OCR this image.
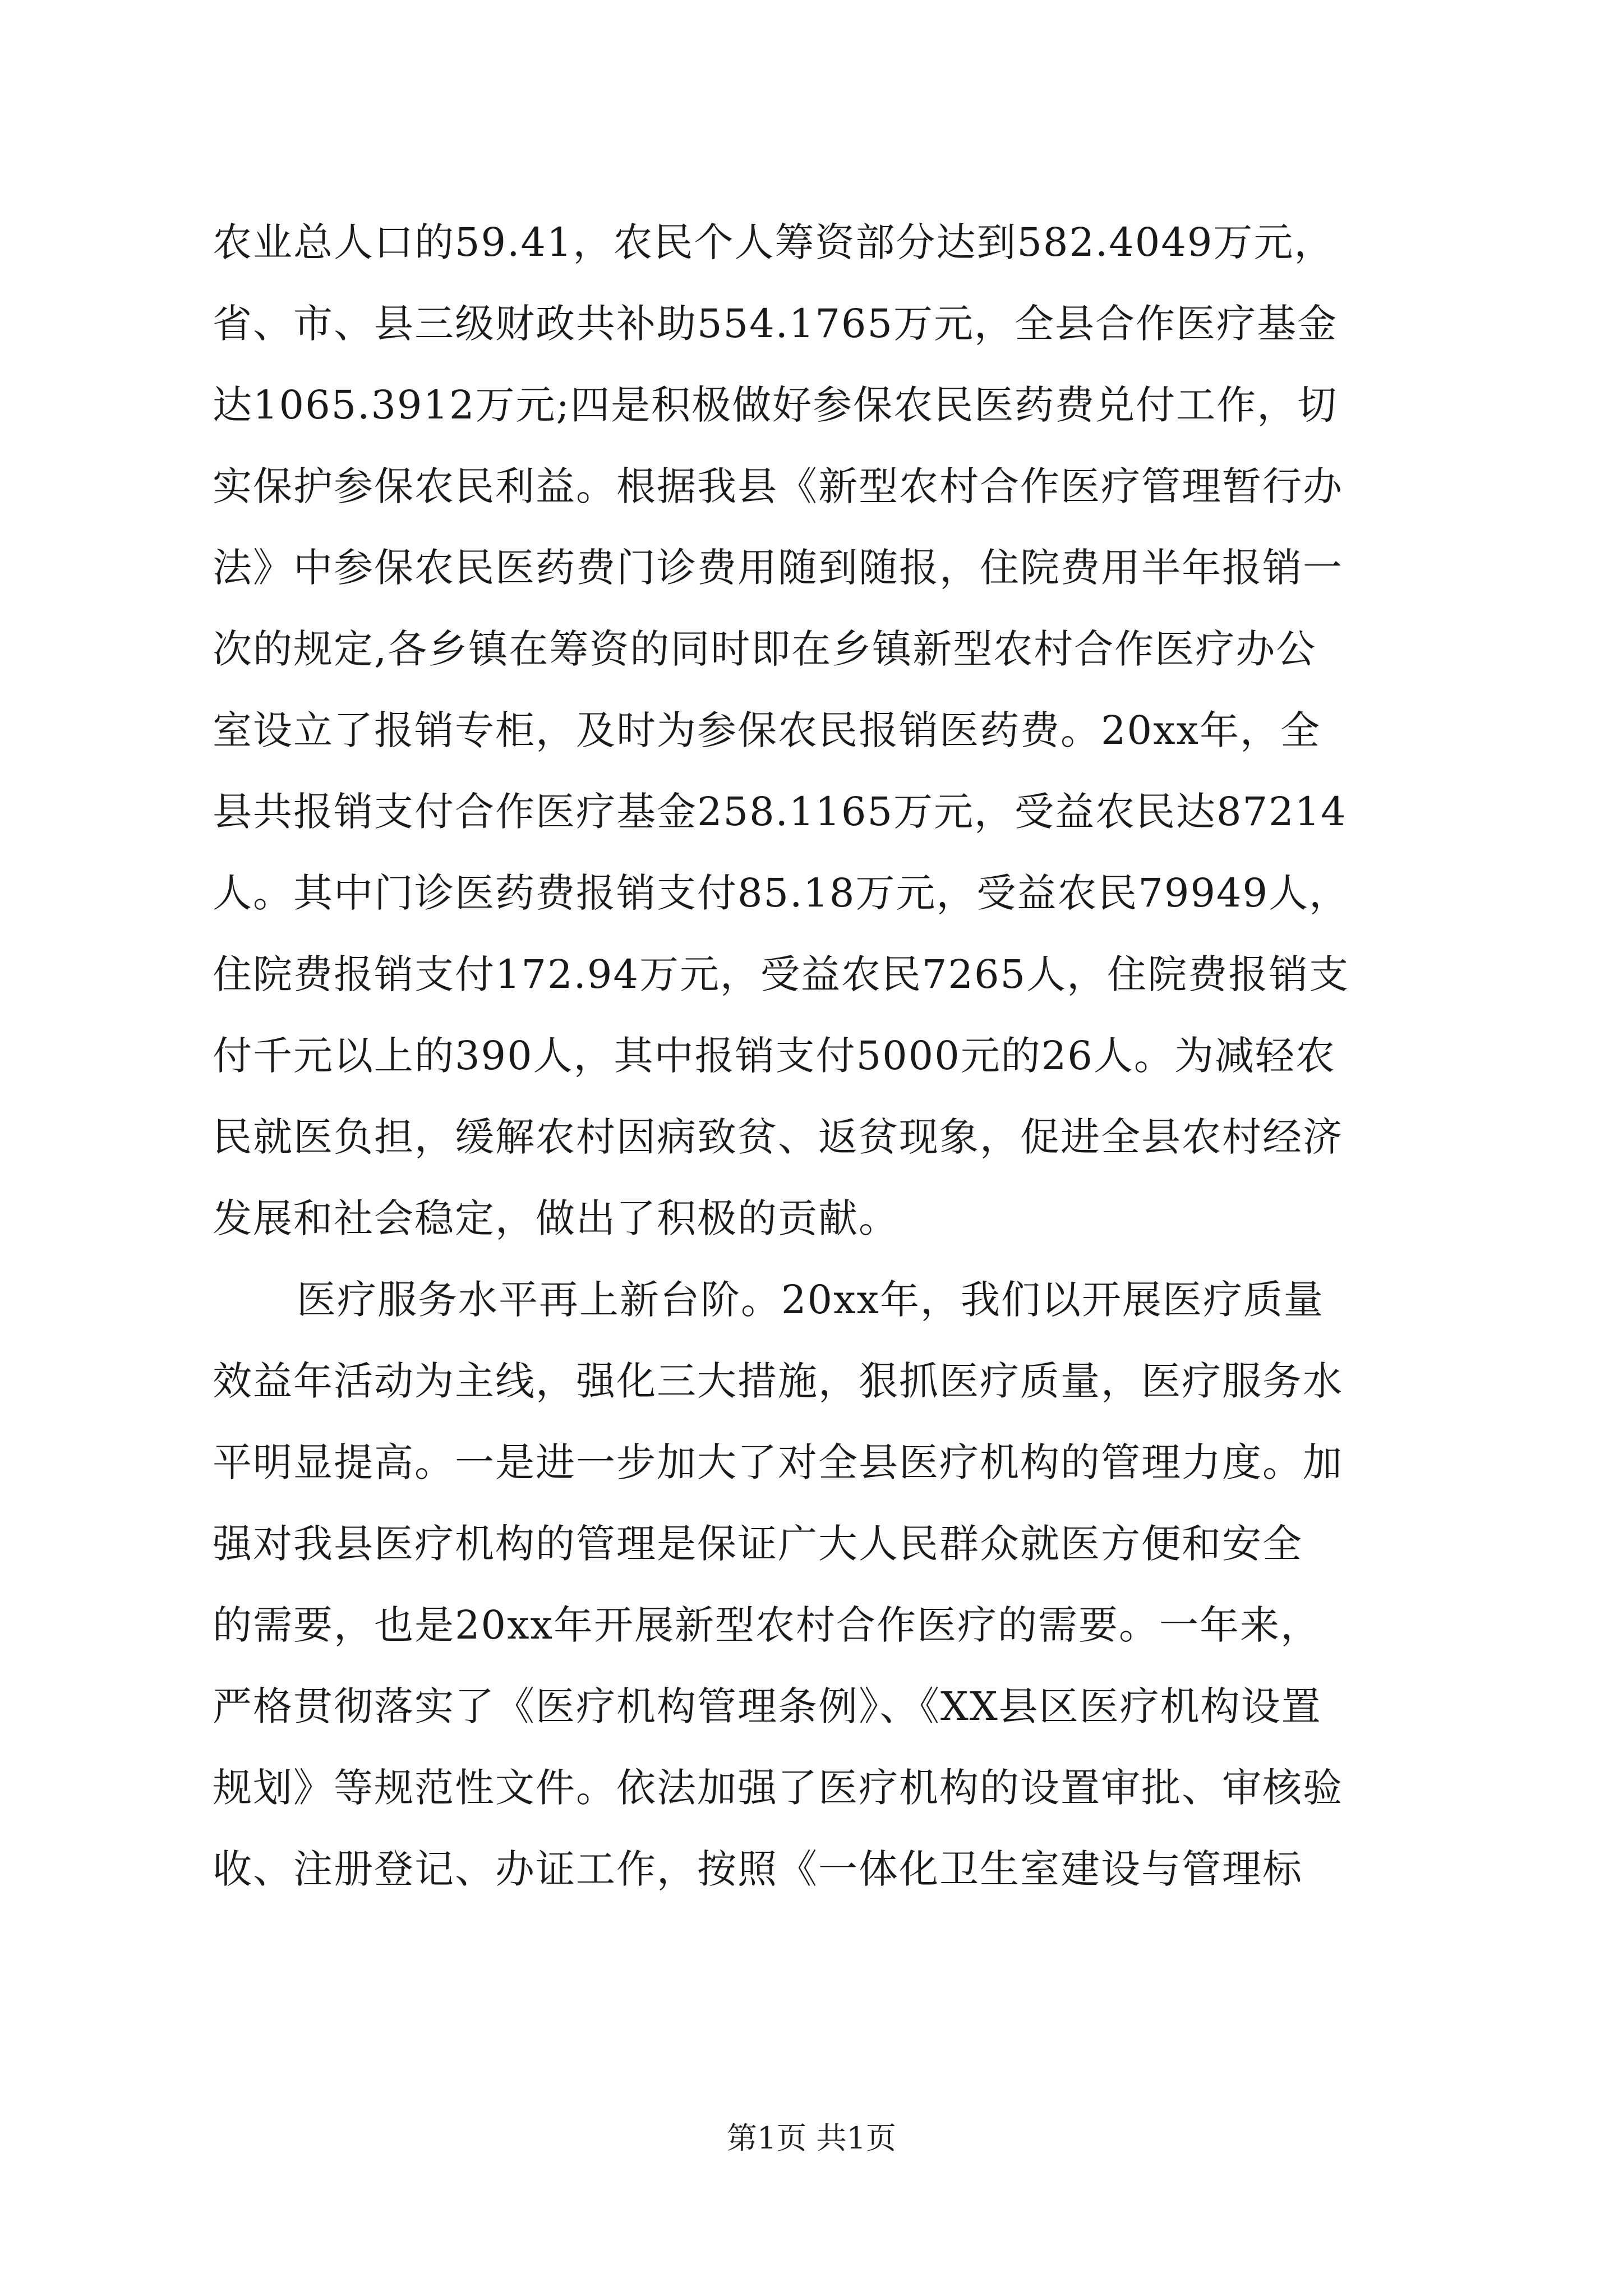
农业总人口的59.41，农民个人筹资部分达到582.4049万元，
省、市、县三级财政共补助554.1765万元，全县合作医疗基金
达1065.3912万元;四是积极做好参保农民医药费兑付工作，切
实保护参保农民利益。根据我县《新型农村合作医疗管理暂行办
法》中参保农民医药费门诊费用随到随报，住院费用半年报销一
次的规定,各乡镇在筹资的同时即在乡镇新型农村合作医疗办公
室设立了报销专柜，及时为参保农民报销医药费。20xx年，全
县共报销支付合作医疗基金258.1165万元，受益农民达87214
人。其中门诊医药费报销支付85.18万元，受益农民79949人，
住院费报销支付172.94万元，受益农民7265人，住院费报销支
付千元以上的390人，其中报销支付5000元的26人。为减轻农
民就医负担，缓解农村因病致贫、返贫现象，促进全县农村经济
发展和社会稳定，做出了积极的贡献。
医疗服务水平再上新台阶。20xx年，我们以开展医疗质量
效益年活动为主线，强化三大措施，狠抓医疗质量，医疗服务水
平明显提高。一是进一步加大了对全县医疗机构的管理力度。加
强对我县医疗机构的管理是保证广大人民群众就医方便和安全
的需要，也是20xx年开展新型农村合作医疗的需要。一年来，
严格贯彻落实了《医疗机构管理条例》、《XX县区医疗机构设置
规划》等规范性文件。依法加强了医疗机构的设置审批、审核验
收、注册登记、办证工作，按照《一体化卫生室建设与管理标
第1页 共1页
